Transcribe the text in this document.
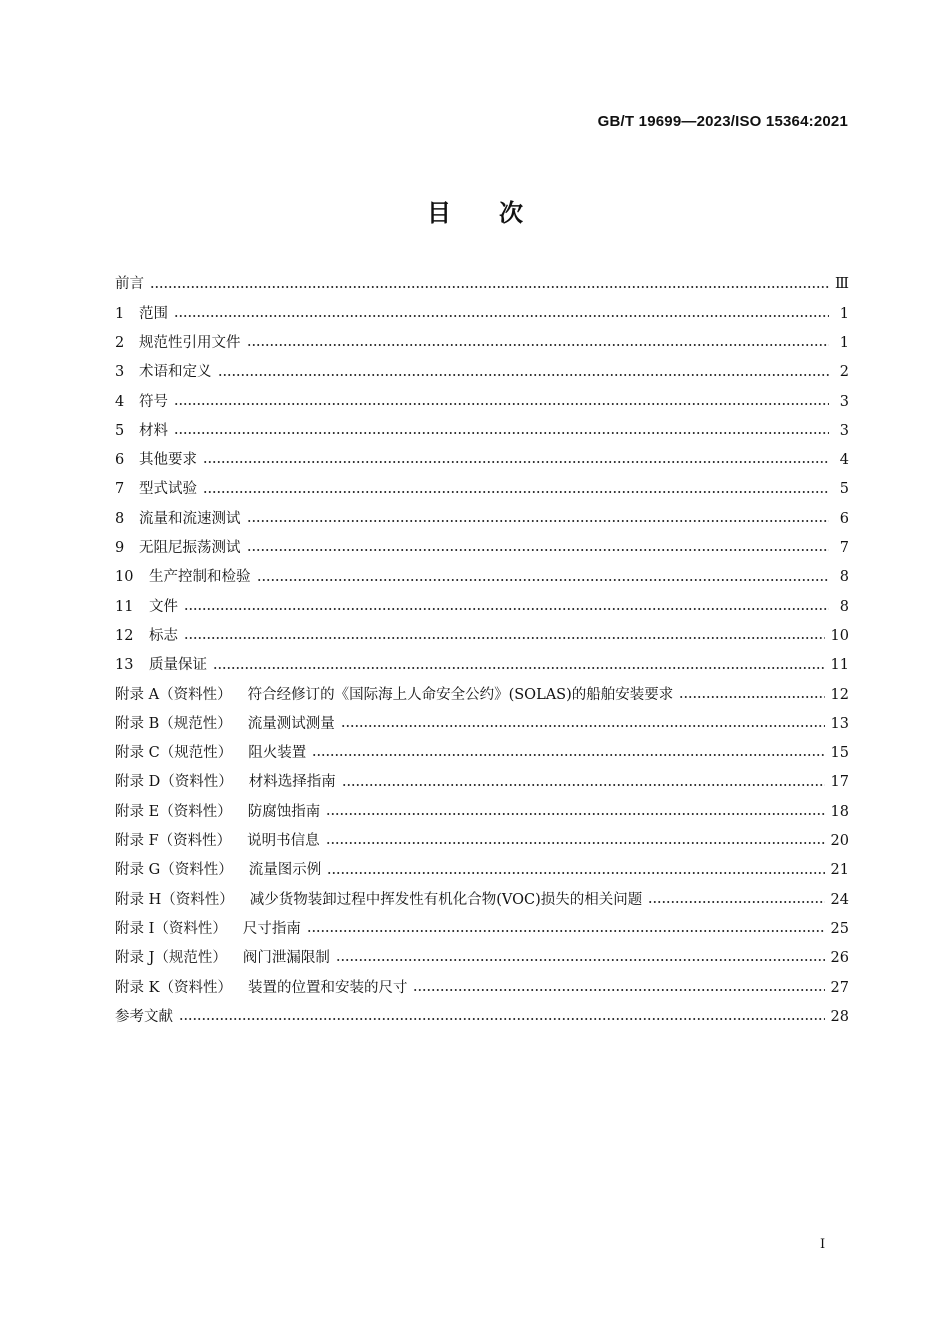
GB/T 19699—2023/ISO 15364:2021
目 次
前言	Ⅲ
1	范围	1
2	规范性引用文件	1
3	术语和定义	2
4	符号	3
5	材料	3
6	其他要求	4
7	型式试验	5
8	流量和流速测试	6
9	无阻尼振荡测试	7
10	生产控制和检验	8
11	文件	8
12	标志	10
13	质量保证	11
附录 A（资料性） 符合经修订的《国际海上人命安全公约》(SOLAS)的船舶安装要求	12
附录 B（规范性） 流量测试测量	13
附录 C（规范性） 阻火装置	15
附录 D（资料性） 材料选择指南	17
附录 E（资料性） 防腐蚀指南	18
附录 F（资料性） 说明书信息	20
附录 G（资料性） 流量图示例	21
附录 H（资料性） 减少货物装卸过程中挥发性有机化合物(VOC)损失的相关问题	24
附录 I（资料性） 尺寸指南	25
附录 J（规范性） 阀门泄漏限制	26
附录 K（资料性） 装置的位置和安装的尺寸	27
参考文献	28
I
